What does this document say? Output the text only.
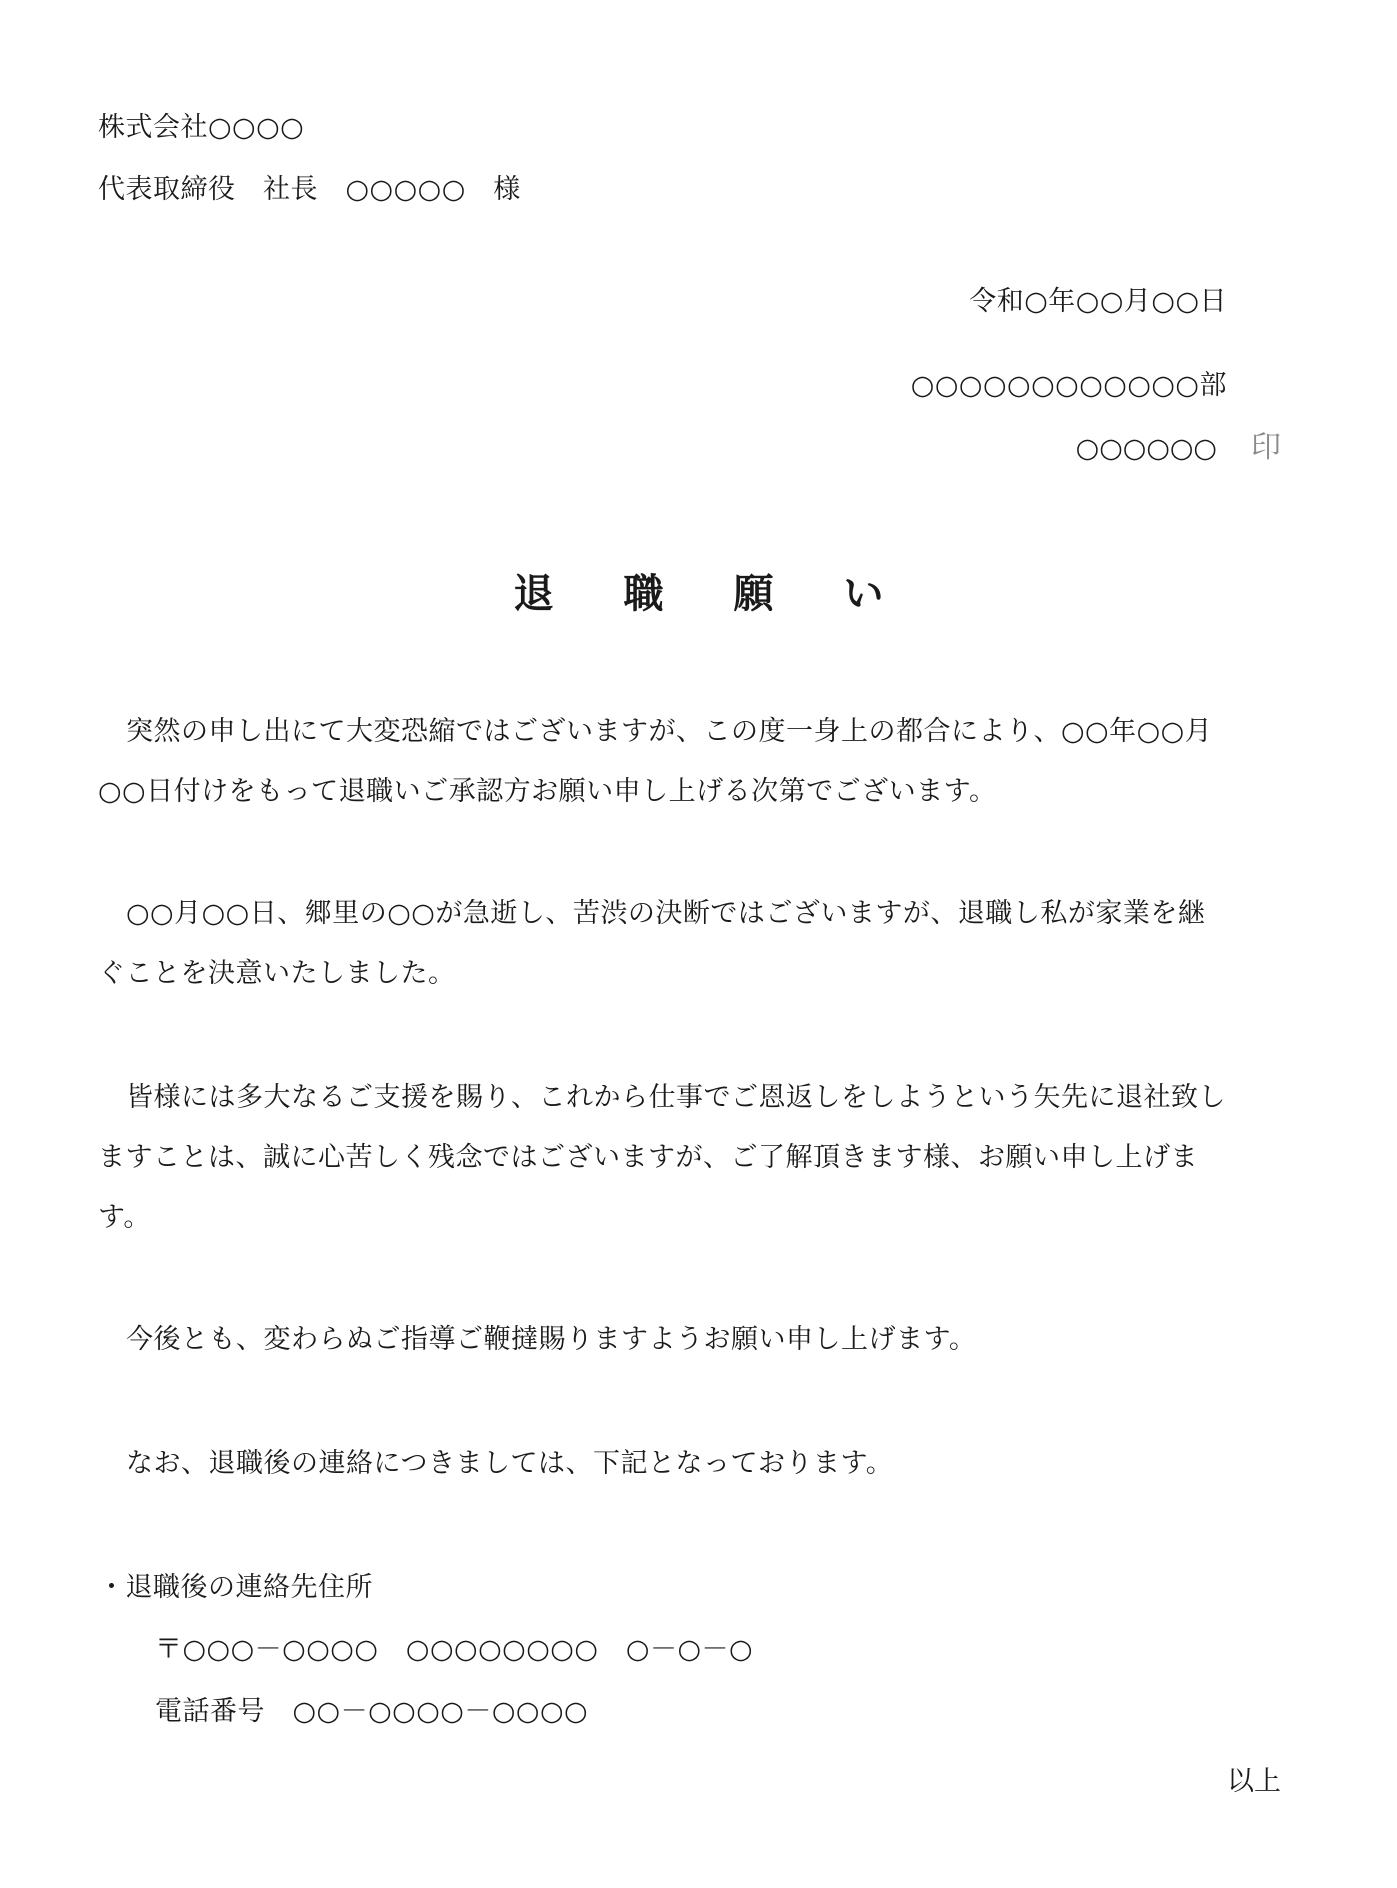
株式会社○○○○
代表取締役　社長　○○○○○　様
令和○年○○月○○日
○○○○○○○○○○○○部
○○○○○○ 印
退職願い
突然の申し出にて大変恐縮ではございますが、この度一身上の都合により、○○年○○月
○○日付けをもって退職いご承認方お願い申し上げる次第でございます。
○○月○○日、郷里の○○が急逝し、苦渋の決断ではございますが、退職し私が家業を継
ぐことを決意いたしました。
皆様には多大なるご支援を賜り、これから仕事でご恩返しをしようという矢先に退社致し
ますことは、誠に心苦しく残念ではございますが、ご了解頂きます様、お願い申し上げま
す。
今後とも、変わらぬご指導ご鞭撻賜りますようお願い申し上げます。
なお、退職後の連絡につきましては、下記となっております。
・退職後の連絡先住所
〒○○○－○○○○　○○○○○○○○　○－○－○
電話番号　○○－○○○○－○○○○
以上
